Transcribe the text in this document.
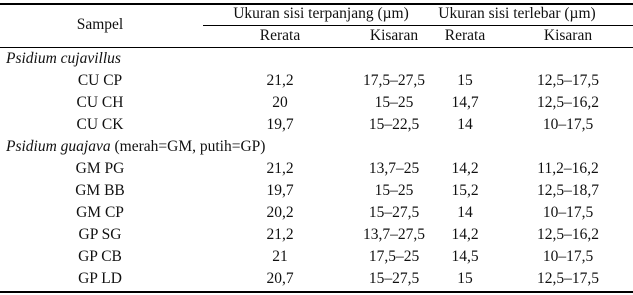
Sampel
Ukuran sisi terpanjang (µm) Ukuran sisi terlebar (µm)
Rerata	Kisaran Rerata	Kisaran
Psidium cujavillus
CU CP	21,2	17,5–27,5 15	12,5–17,5
CU CH	20	15–25 14,7	12,5–16,2
CU CK	19,7	15–22,5 14	10–17,5
Psidium guajava (merah=GM, putih=GP)
GM PG	21,2	13,7–25 14,2	11,2–16,2
GM BB	19,7	15–25 15,2	12,5–18,7
GM CP	20,2	15–27,5 14	10–17,5
GP SG	21,2	13,7–27,5 14,2	12,5–16,2
GP CB	21	17,5–25 14,5	10–17,5
GP LD	20,7	15–27,5 15	12,5–17,5
